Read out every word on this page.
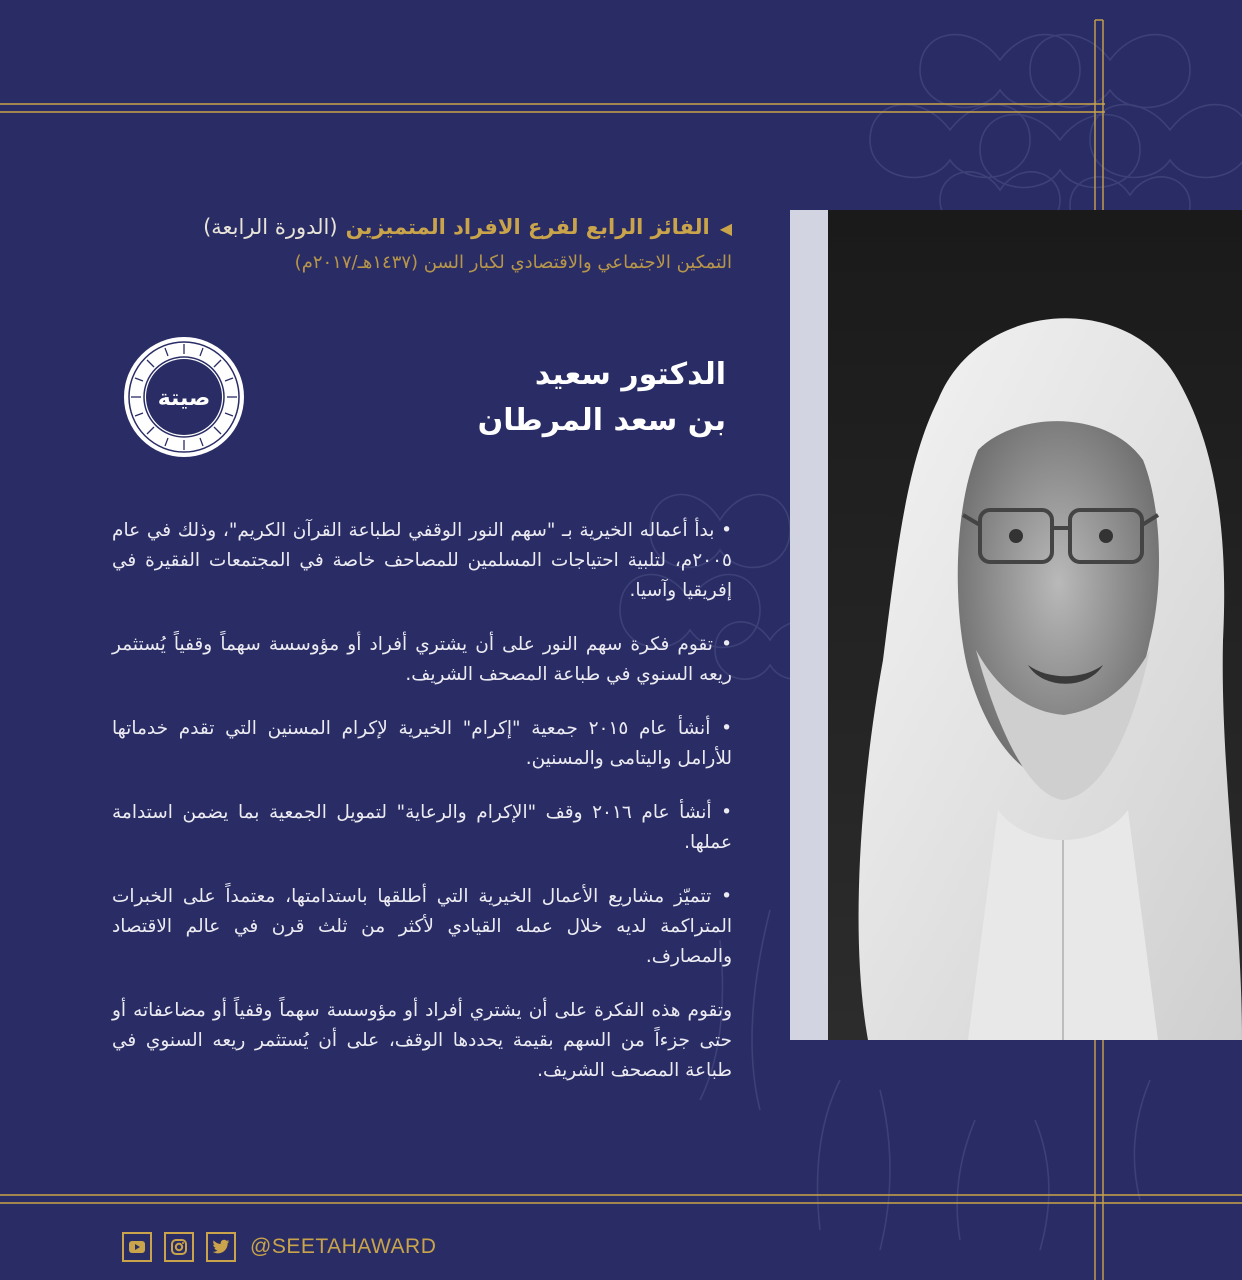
◀الفائز الرابع لفرع الافراد المتميزين(الدورة الرابعة)
التمكين الاجتماعي والاقتصادي لكبار السن (١٤٣٧هـ/٢٠١٧م)
الدكتور سعيد
بن سعد المرطان
صيتة

• بدأ أعماله الخيرية بـ "سهم النور الوقفي لطباعة القرآن الكريم"، وذلك في عام ٢٠٠٥م، لتلبية احتياجات المسلمين للمصاحف خاصة في المجتمعات الفقيرة في إفريقيا وآسيا.

• تقوم فكرة سهم النور على أن يشتري أفراد أو مؤوسسة سهماً وقفياً يُستثمر ريعه السنوي في طباعة المصحف الشريف.

• أنشأ عام ٢٠١٥ جمعية "إكرام" الخيرية لإكرام المسنين التي تقدم خدماتها للأرامل واليتامى والمسنين.

• أنشأ عام ٢٠١٦ وقف "الإكرام والرعاية" لتمويل الجمعية بما يضمن استدامة عملها.

• تتميّز مشاريع الأعمال الخيرية التي أطلقها باستدامتها، معتمداً على الخبرات المتراكمة لديه خلال عمله القيادي لأكثر من ثلث قرن في عالم الاقتصاد والمصارف.

وتقوم هذه الفكرة على أن يشتري أفراد أو مؤوسسة سهماً وقفياً أو مضاعفاته أو حتى جزءاً من السهم بقيمة يحددها الوقف، على أن يُستثمر ريعه السنوي في طباعة المصحف الشريف.

@SEETAHAWARD
